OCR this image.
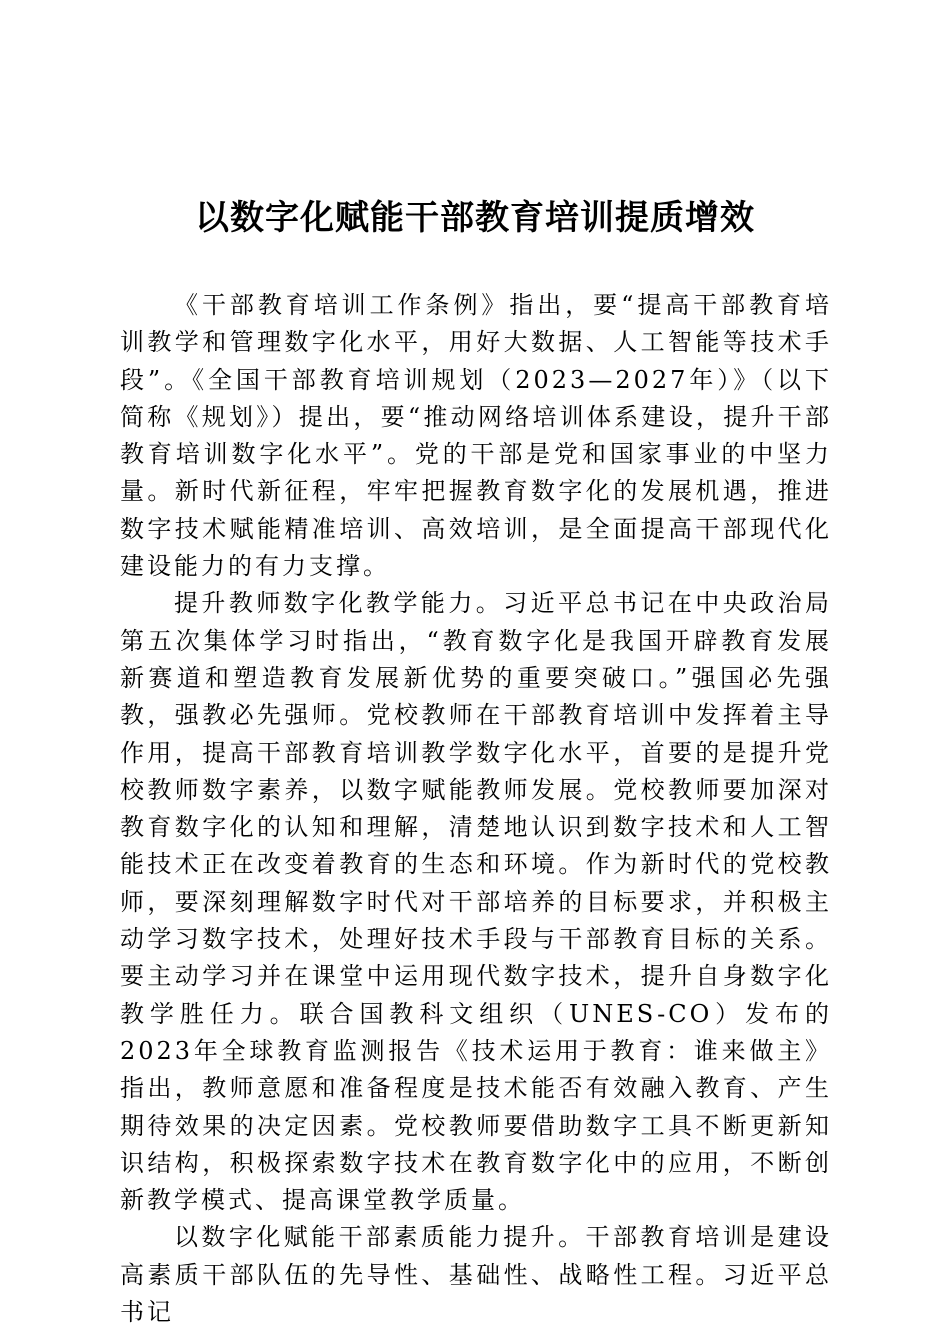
以数字化赋能干部教育培训提质增效

《干部教育培训工作条例》指出，要“提高干部教育培训教学和管理数字化水平，用好大数据、人工智能等技术手段”。《全国干部教育培训规划（2023—2027年）》（以下简称《规划》）提出，要“推动网络培训体系建设，提升干部教育培训数字化水平”。党的干部是党和国家事业的中坚力量。新时代新征程，牢牢把握教育数字化的发展机遇，推进数字技术赋能精准培训、高效培训，是全面提高干部现代化建设能力的有力支撑。

提升教师数字化教学能力。习近平总书记在中央政治局第五次集体学习时指出，“教育数字化是我国开辟教育发展新赛道和塑造教育发展新优势的重要突破口。”强国必先强教，强教必先强师。党校教师在干部教育培训中发挥着主导作用，提高干部教育培训教学数字化水平，首要的是提升党校教师数字素养，以数字赋能教师发展。党校教师要加深对教育数字化的认知和理解，清楚地认识到数字技术和人工智能技术正在改变着教育的生态和环境。作为新时代的党校教师，要深刻理解数字时代对干部培养的目标要求，并积极主动学习数字技术，处理好技术手段与干部教育目标的关系。要主动学习并在课堂中运用现代数字技术，提升自身数字化教学胜任力。联合国教科文组织（UNES-CO）发布的2023年全球教育监测报告《技术运用于教育：谁来做主》指出，教师意愿和准备程度是技术能否有效融入教育、产生期待效果的决定因素。党校教师要借助数字工具不断更新知识结构，积极探索数字技术在教育数字化中的应用，不断创新教学模式、提高课堂教学质量。

以数字化赋能干部素质能力提升。干部教育培训是建设高素质干部队伍的先导性、基础性、战略性工程。习近平总书记
